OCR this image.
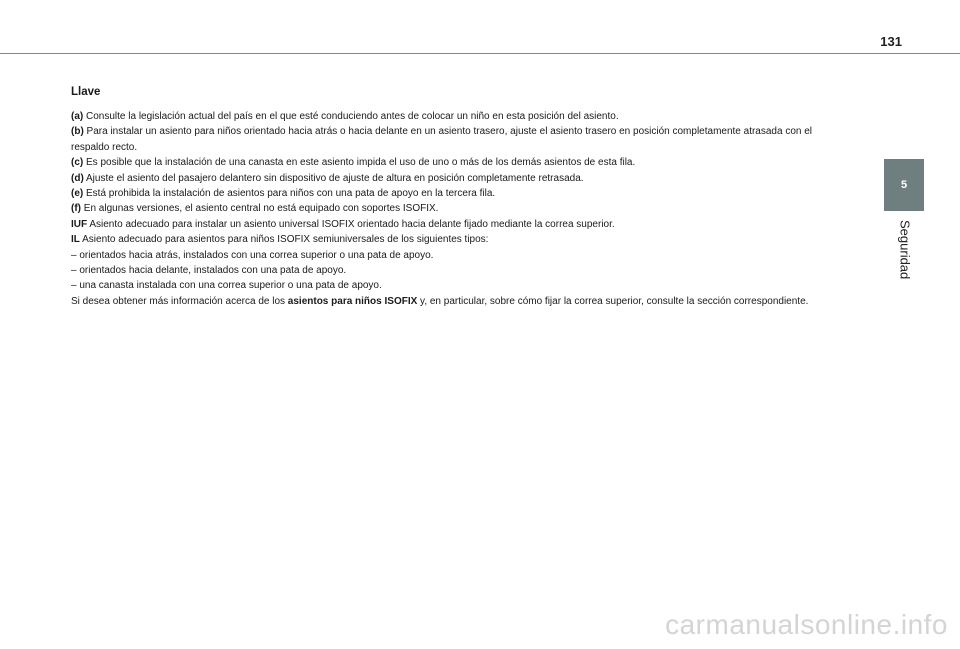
131
5
Seguridad

Llave

(a) Consulte la legislación actual del país en el que esté conduciendo antes de colocar un niño en esta posición del asiento.

(b) Para instalar un asiento para niños orientado hacia atrás o hacia delante en un asiento trasero, ajuste el asiento trasero en posición completamente atrasada con el

respaldo recto.

(c) Es posible que la instalación de una canasta en este asiento impida el uso de uno o más de los demás asientos de esta fila.

(d) Ajuste el asiento del pasajero delantero sin dispositivo de ajuste de altura en posición completamente retrasada.

(e) Está prohibida la instalación de asientos para niños con una pata de apoyo en la tercera fila.

(f) En algunas versiones, el asiento central no está equipado con soportes ISOFIX.

IUF Asiento adecuado para instalar un asiento universal ISOFIX orientado hacia delante fijado mediante la correa superior.

IL Asiento adecuado para asientos para niños ISOFIX semiuniversales de los siguientes tipos:

– orientados hacia atrás, instalados con una correa superior o una pata de apoyo.

– orientados hacia delante, instalados con una pata de apoyo.

– una canasta instalada con una correa superior o una pata de apoyo.

Si desea obtener más información acerca de los asientos para niños ISOFIX y, en particular, sobre cómo fijar la correa superior, consulte la sección correspondiente.

carmanualsonline.info
